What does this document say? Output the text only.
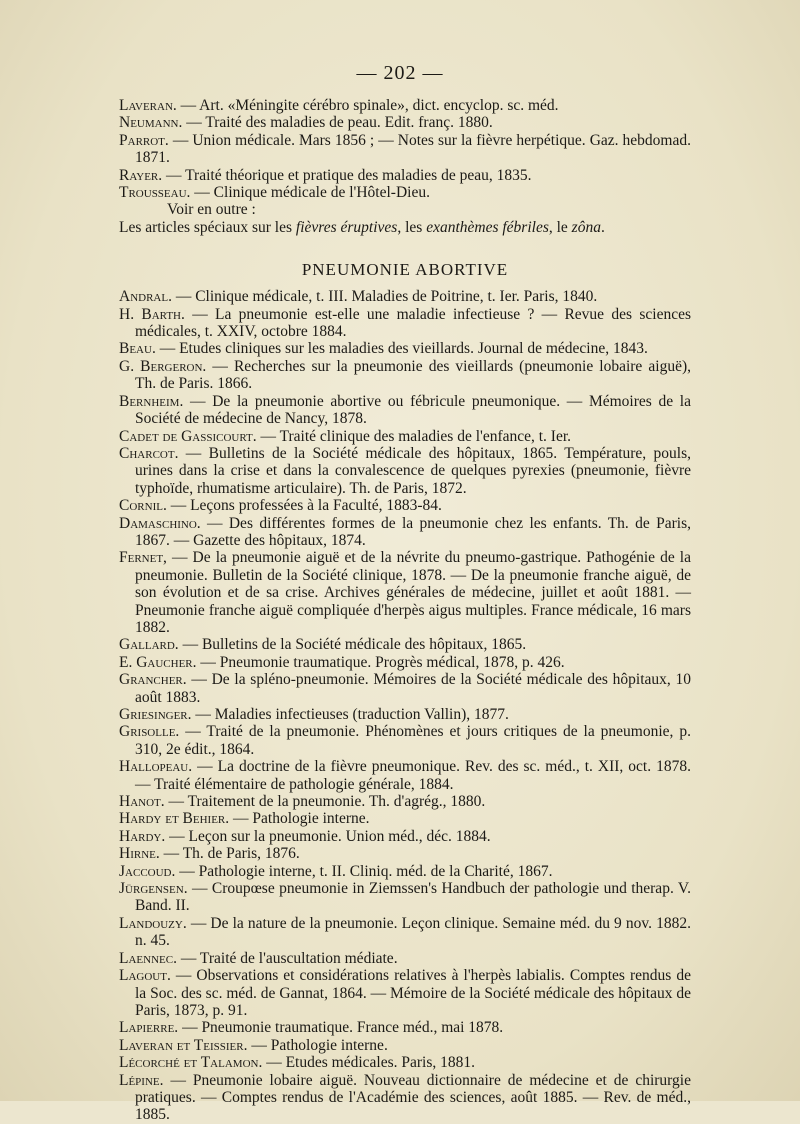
— 202 —

Laveran. — Art. «Méningite cérébro spinale», dict. encyclop. sc. méd.

Neumann. — Traité des maladies de peau. Edit. franç. 1880.

Parrot. — Union médicale. Mars 1856 ; — Notes sur la fièvre herpétique. Gaz. hebdomad. 1871.

Rayer. — Traité théorique et pratique des maladies de peau, 1835.

Trousseau. — Clinique médicale de l'Hôtel-Dieu.

Voir en outre :

Les articles spéciaux sur les fièvres éruptives, les exanthèmes fébriles, le zôna.

PNEUMONIE ABORTIVE

Andral. — Clinique médicale, t. III. Maladies de Poitrine, t. Ier. Paris, 1840.

H. Barth. — La pneumonie est-elle une maladie infectieuse ? — Revue des sciences médicales, t. XXIV, octobre 1884.

Beau. — Etudes cliniques sur les maladies des vieillards. Journal de médecine, 1843.

G. Bergeron. — Recherches sur la pneumonie des vieillards (pneumonie lobaire aiguë), Th. de Paris. 1866.

Bernheim. — De la pneumonie abortive ou fébricule pneumonique. — Mémoires de la Société de médecine de Nancy, 1878.

Cadet de Gassicourt. — Traité clinique des maladies de l'enfance, t. Ier.

Charcot. — Bulletins de la Société médicale des hôpitaux, 1865. Température, pouls, urines dans la crise et dans la convalescence de quelques pyrexies (pneumonie, fièvre typhoïde, rhumatisme articulaire). Th. de Paris, 1872.

Cornil. — Leçons professées à la Faculté, 1883-84.

Damaschino. — Des différentes formes de la pneumonie chez les enfants. Th. de Paris, 1867. — Gazette des hôpitaux, 1874.

Fernet, — De la pneumonie aiguë et de la névrite du pneumo-gastrique. Pathogénie de la pneumonie. Bulletin de la Société clinique, 1878. — De la pneumonie franche aiguë, de son évolution et de sa crise. Archives générales de médecine, juillet et août 1881. — Pneumonie franche aiguë compliquée d'herpès aigus multiples. France médicale, 16 mars 1882.

Gallard. — Bulletins de la Société médicale des hôpitaux, 1865.

E. Gaucher. — Pneumonie traumatique. Progrès médical, 1878, p. 426.

Grancher. — De la spléno-pneumonie. Mémoires de la Société médicale des hôpitaux, 10 août 1883.

Griesinger. — Maladies infectieuses (traduction Vallin), 1877.

Grisolle. — Traité de la pneumonie. Phénomènes et jours critiques de la pneumonie, p. 310, 2e édit., 1864.

Hallopeau. — La doctrine de la fièvre pneumonique. Rev. des sc. méd., t. XII, oct. 1878. — Traité élémentaire de pathologie générale, 1884.

Hanot. — Traitement de la pneumonie. Th. d'agrég., 1880.

Hardy et Behier. — Pathologie interne.

Hardy. — Leçon sur la pneumonie. Union méd., déc. 1884.

Hirne. — Th. de Paris, 1876.

Jaccoud. — Pathologie interne, t. II. Cliniq. méd. de la Charité, 1867.

Jürgensen. — Croupœse pneumonie in Ziemssen's Handbuch der pathologie und therap. V. Band. II.

Landouzy. — De la nature de la pneumonie. Leçon clinique. Semaine méd. du 9 nov. 1882. n. 45.

Laennec. — Traité de l'auscultation médiate.

Lagout. — Observations et considérations relatives à l'herpès labialis. Comptes rendus de la Soc. des sc. méd. de Gannat, 1864. — Mémoire de la Société médicale des hôpitaux de Paris, 1873, p. 91.

Lapierre. — Pneumonie traumatique. France méd., mai 1878.

Laveran et Teissier. — Pathologie interne.

Lécorché et Talamon. — Etudes médicales. Paris, 1881.

Lépine. — Pneumonie lobaire aiguë. Nouveau dictionnaire de médecine et de chirurgie pratiques. — Comptes rendus de l'Académie des sciences, août 1885. — Rev. de méd., 1885.
